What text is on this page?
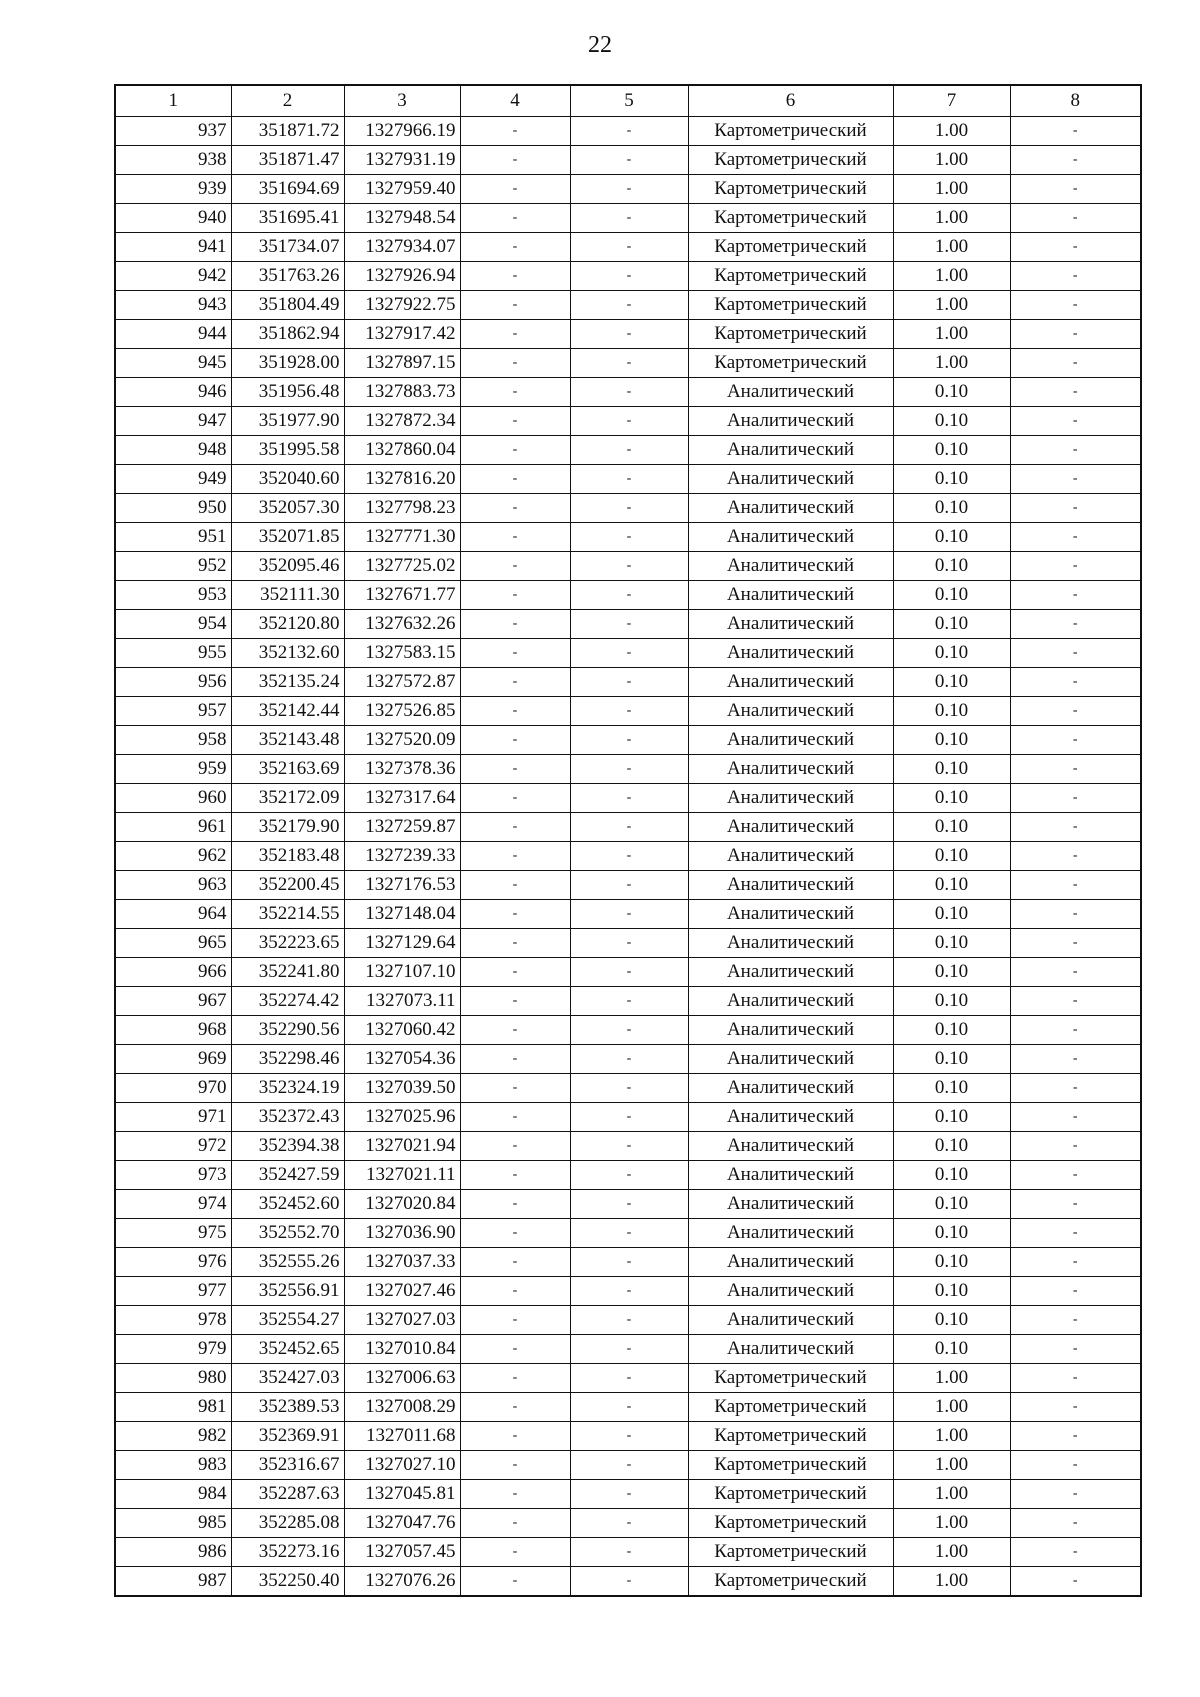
22
1	2	3	4	5	6	7	8
937	351871.72	1327966.19	-	-	Картометрический	1.00	-
938	351871.47	1327931.19	-	-	Картометрический	1.00	-
939	351694.69	1327959.40	-	-	Картометрический	1.00	-
940	351695.41	1327948.54	-	-	Картометрический	1.00	-
941	351734.07	1327934.07	-	-	Картометрический	1.00	-
942	351763.26	1327926.94	-	-	Картометрический	1.00	-
943	351804.49	1327922.75	-	-	Картометрический	1.00	-
944	351862.94	1327917.42	-	-	Картометрический	1.00	-
945	351928.00	1327897.15	-	-	Картометрический	1.00	-
946	351956.48	1327883.73	-	-	Аналитический	0.10	-
947	351977.90	1327872.34	-	-	Аналитический	0.10	-
948	351995.58	1327860.04	-	-	Аналитический	0.10	-
949	352040.60	1327816.20	-	-	Аналитический	0.10	-
950	352057.30	1327798.23	-	-	Аналитический	0.10	-
951	352071.85	1327771.30	-	-	Аналитический	0.10	-
952	352095.46	1327725.02	-	-	Аналитический	0.10	-
953	352111.30	1327671.77	-	-	Аналитический	0.10	-
954	352120.80	1327632.26	-	-	Аналитический	0.10	-
955	352132.60	1327583.15	-	-	Аналитический	0.10	-
956	352135.24	1327572.87	-	-	Аналитический	0.10	-
957	352142.44	1327526.85	-	-	Аналитический	0.10	-
958	352143.48	1327520.09	-	-	Аналитический	0.10	-
959	352163.69	1327378.36	-	-	Аналитический	0.10	-
960	352172.09	1327317.64	-	-	Аналитический	0.10	-
961	352179.90	1327259.87	-	-	Аналитический	0.10	-
962	352183.48	1327239.33	-	-	Аналитический	0.10	-
963	352200.45	1327176.53	-	-	Аналитический	0.10	-
964	352214.55	1327148.04	-	-	Аналитический	0.10	-
965	352223.65	1327129.64	-	-	Аналитический	0.10	-
966	352241.80	1327107.10	-	-	Аналитический	0.10	-
967	352274.42	1327073.11	-	-	Аналитический	0.10	-
968	352290.56	1327060.42	-	-	Аналитический	0.10	-
969	352298.46	1327054.36	-	-	Аналитический	0.10	-
970	352324.19	1327039.50	-	-	Аналитический	0.10	-
971	352372.43	1327025.96	-	-	Аналитический	0.10	-
972	352394.38	1327021.94	-	-	Аналитический	0.10	-
973	352427.59	1327021.11	-	-	Аналитический	0.10	-
974	352452.60	1327020.84	-	-	Аналитический	0.10	-
975	352552.70	1327036.90	-	-	Аналитический	0.10	-
976	352555.26	1327037.33	-	-	Аналитический	0.10	-
977	352556.91	1327027.46	-	-	Аналитический	0.10	-
978	352554.27	1327027.03	-	-	Аналитический	0.10	-
979	352452.65	1327010.84	-	-	Аналитический	0.10	-
980	352427.03	1327006.63	-	-	Картометрический	1.00	-
981	352389.53	1327008.29	-	-	Картометрический	1.00	-
982	352369.91	1327011.68	-	-	Картометрический	1.00	-
983	352316.67	1327027.10	-	-	Картометрический	1.00	-
984	352287.63	1327045.81	-	-	Картометрический	1.00	-
985	352285.08	1327047.76	-	-	Картометрический	1.00	-
986	352273.16	1327057.45	-	-	Картометрический	1.00	-
987	352250.40	1327076.26	-	-	Картометрический	1.00	-
